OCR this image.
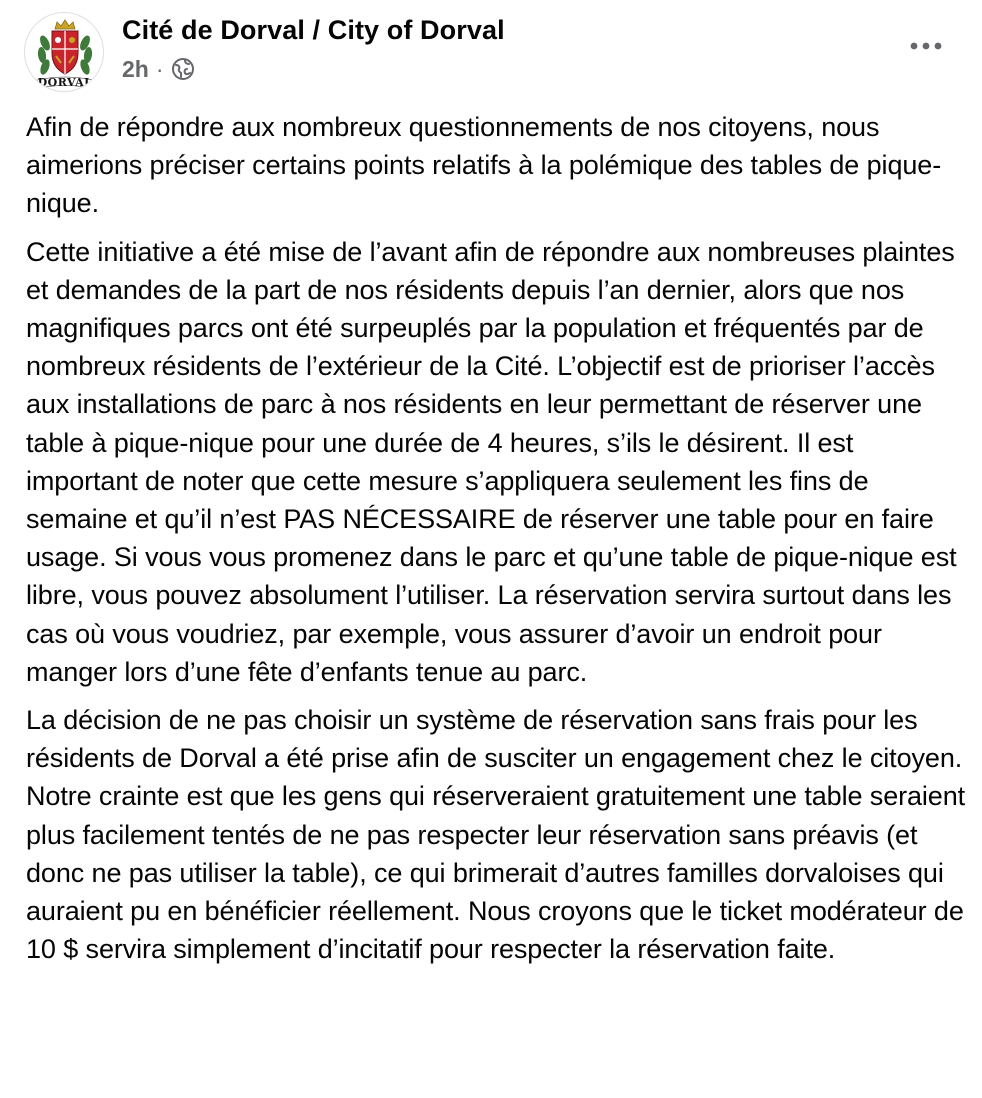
DORVAL
Cité de Dorval / City of Dorval
2h ·

Afin de répondre aux nombreux questionnements de nos citoyens, nous aimerions préciser certains points relatifs à la polémique des tables de pique-nique.

Cette initiative a été mise de l’avant afin de répondre aux nombreuses plaintes et demandes de la part de nos résidents depuis l’an dernier, alors que nos magnifiques parcs ont été surpeuplés par la population et fréquentés par de nombreux résidents de l’extérieur de la Cité. L’objectif est de prioriser l’accès aux installations de parc à nos résidents en leur permettant de réserver une table à pique-nique pour une durée de 4 heures, s’ils le désirent. Il est important de noter que cette mesure s’appliquera seulement les fins de semaine et qu’il n’est PAS NÉCESSAIRE de réserver une table pour en faire usage. Si vous vous promenez dans le parc et qu’une table de pique-nique est libre, vous pouvez absolument l’utiliser. La réservation servira surtout dans les cas où vous voudriez, par exemple, vous assurer d’avoir un endroit pour manger lors d’une fête d’enfants tenue au parc.

La décision de ne pas choisir un système de réservation sans frais pour les résidents de Dorval a été prise afin de susciter un engagement chez le citoyen. Notre crainte est que les gens qui réserveraient gratuitement une table seraient plus facilement tentés de ne pas respecter leur réservation sans préavis (et donc ne pas utiliser la table), ce qui brimerait d’autres familles dorvaloises qui auraient pu en bénéficier réellement. Nous croyons que le ticket modérateur de 10 $ servira simplement d’incitatif pour respecter la réservation faite.
